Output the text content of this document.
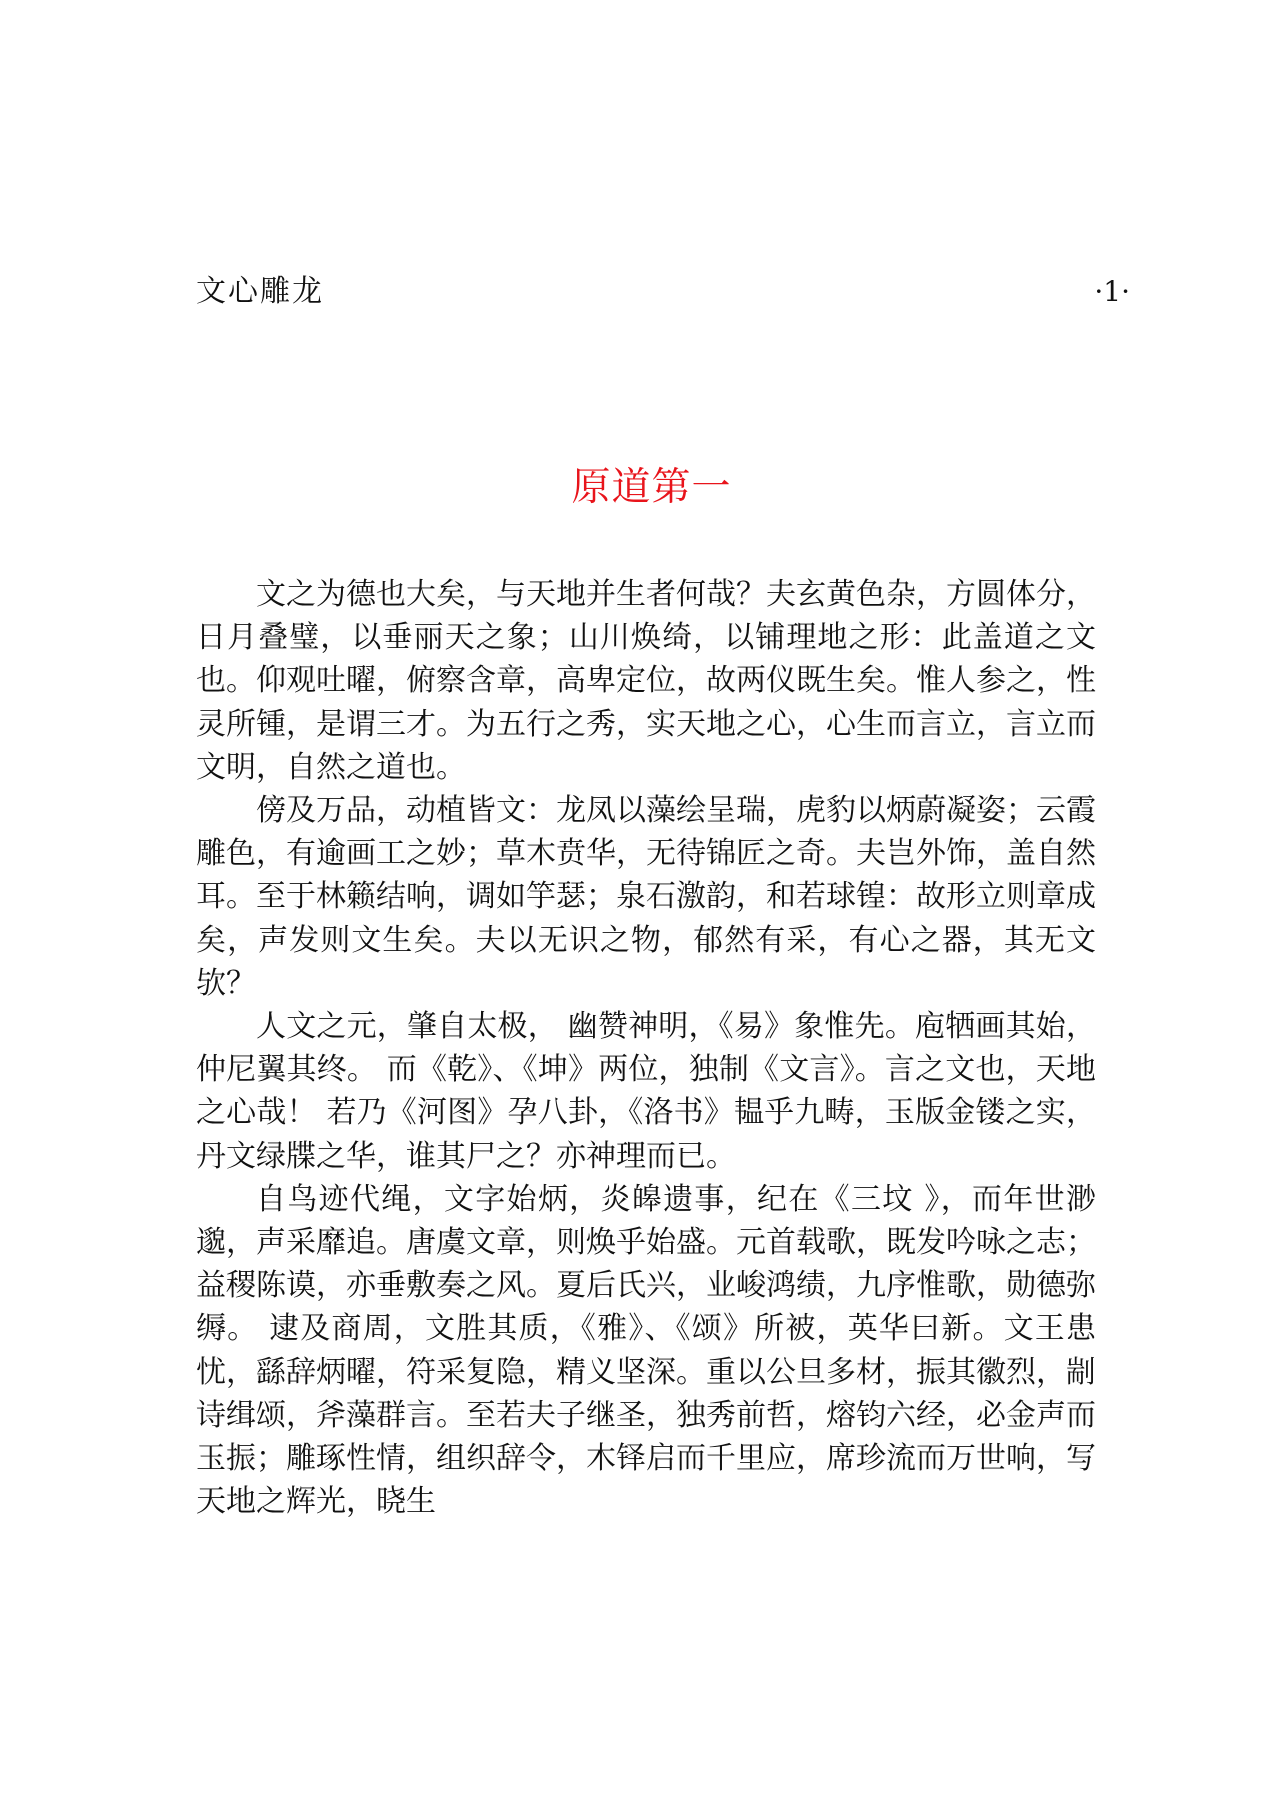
文心雕龙	·1·
原道第一

文之为德也大矣，与天地并生者何哉？夫玄黄色杂，方圆体分，日月叠璧，以垂丽天之象；山川焕绮，以铺理地之形：此盖道之文也。仰观吐曜，俯察含章，高卑定位，故两仪既生矣。惟人参之，性灵所锺，是谓三才。为五行之秀，实天地之心，心生而言立，言立而文明，自然之道也。

傍及万品，动植皆文：龙凤以藻绘呈瑞，虎豹以炳蔚凝姿；云霞雕色，有逾画工之妙；草木贲华，无待锦匠之奇。夫岂外饰，盖自然耳。至于林籁结响，调如竽瑟；泉石激韵，和若球锽：故形立则章成矣，声发则文生矣。夫以无识之物，郁然有采，有心之器，其无文欤？

人文之元，肇自太极， 幽赞神明，《易》象惟先。庖牺画其始，仲尼翼其终。 而《乾》、《坤》两位，独制《文言》。言之文也，天地之心哉！ 若乃《河图》孕八卦，《洛书》韫乎九畴，玉版金镂之实，丹文绿牒之华，谁其尸之？亦神理而已。

自鸟迹代绳，文字始炳，炎皞遗事，纪在《三坟 》，而年世渺邈，声采靡追。唐虞文章，则焕乎始盛。元首载歌，既发吟咏之志；益稷陈谟，亦垂敷奏之风。夏后氏兴，业峻鸿绩，九序惟歌，勋德弥缛。 逮及商周，文胜其质，《雅》、《颂》所被，英华曰新。文王患忧，繇辞炳曜，符采复隐，精义坚深。重以公旦多材，振其徽烈，剬诗缉颂，斧藻群言。至若夫子继圣，独秀前哲，熔钧六经，必金声而玉振；雕琢性情，组织辞令，木铎启而千里应，席珍流而万世响，写天地之辉光，晓生
